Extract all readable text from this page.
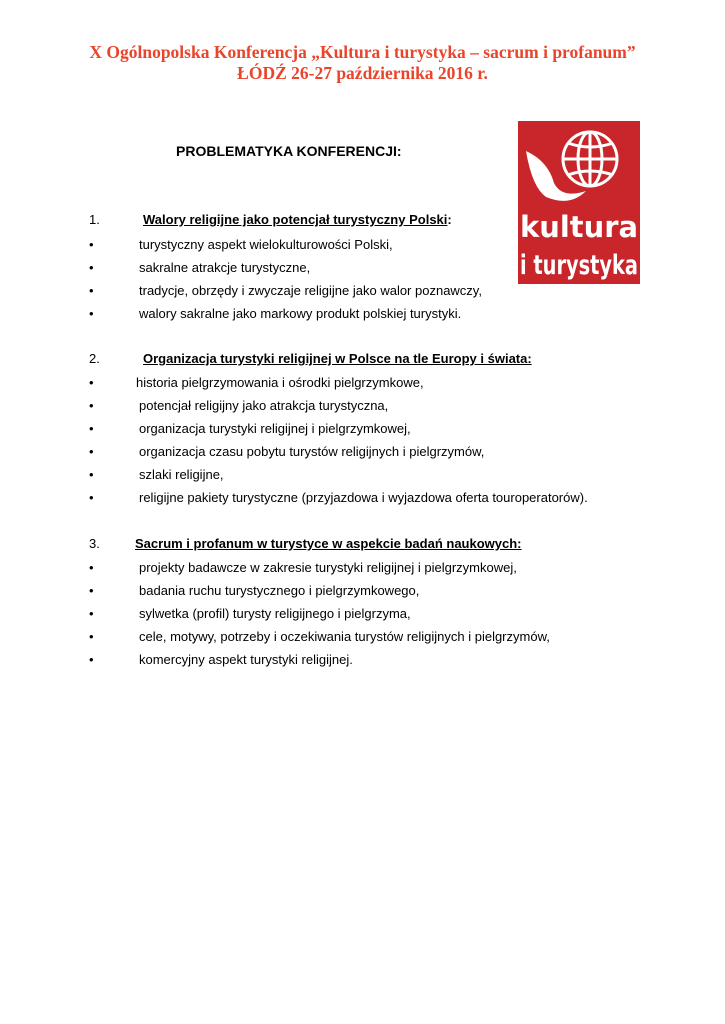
X Ogólnopolska Konferencja „Kultura i turystyka – sacrum i profanum”
ŁÓDŹ 26-27 października 2016 r.
PROBLEMATYKA KONFERENCJI:
kultura
i turystyka
1.	Walory religijne jako potencjał turystyczny Polski:
•	turystyczny aspekt wielokulturowości Polski,
•	sakralne atrakcje turystyczne,
•	tradycje, obrzędy i zwyczaje religijne jako walor poznawczy,
•	walory sakralne jako markowy produkt polskiej turystyki.
2.	Organizacja turystyki religijnej w Polsce na tle Europy i świata:
•	historia pielgrzymowania i ośrodki pielgrzymkowe,
•	potencjał religijny jako atrakcja turystyczna,
•	organizacja turystyki religijnej i pielgrzymkowej,
•	organizacja czasu pobytu turystów religijnych i pielgrzymów,
•	szlaki religijne,
•	religijne pakiety turystyczne (przyjazdowa i wyjazdowa oferta touroperatorów).
3.	Sacrum i profanum w turystyce w aspekcie badań naukowych:
•	projekty badawcze w zakresie turystyki religijnej i pielgrzymkowej,
•	badania ruchu turystycznego i pielgrzymkowego,
•	sylwetka (profil) turysty religijnego i pielgrzyma,
•	cele, motywy, potrzeby i oczekiwania turystów religijnych i pielgrzymów,
•	komercyjny aspekt turystyki religijnej.
